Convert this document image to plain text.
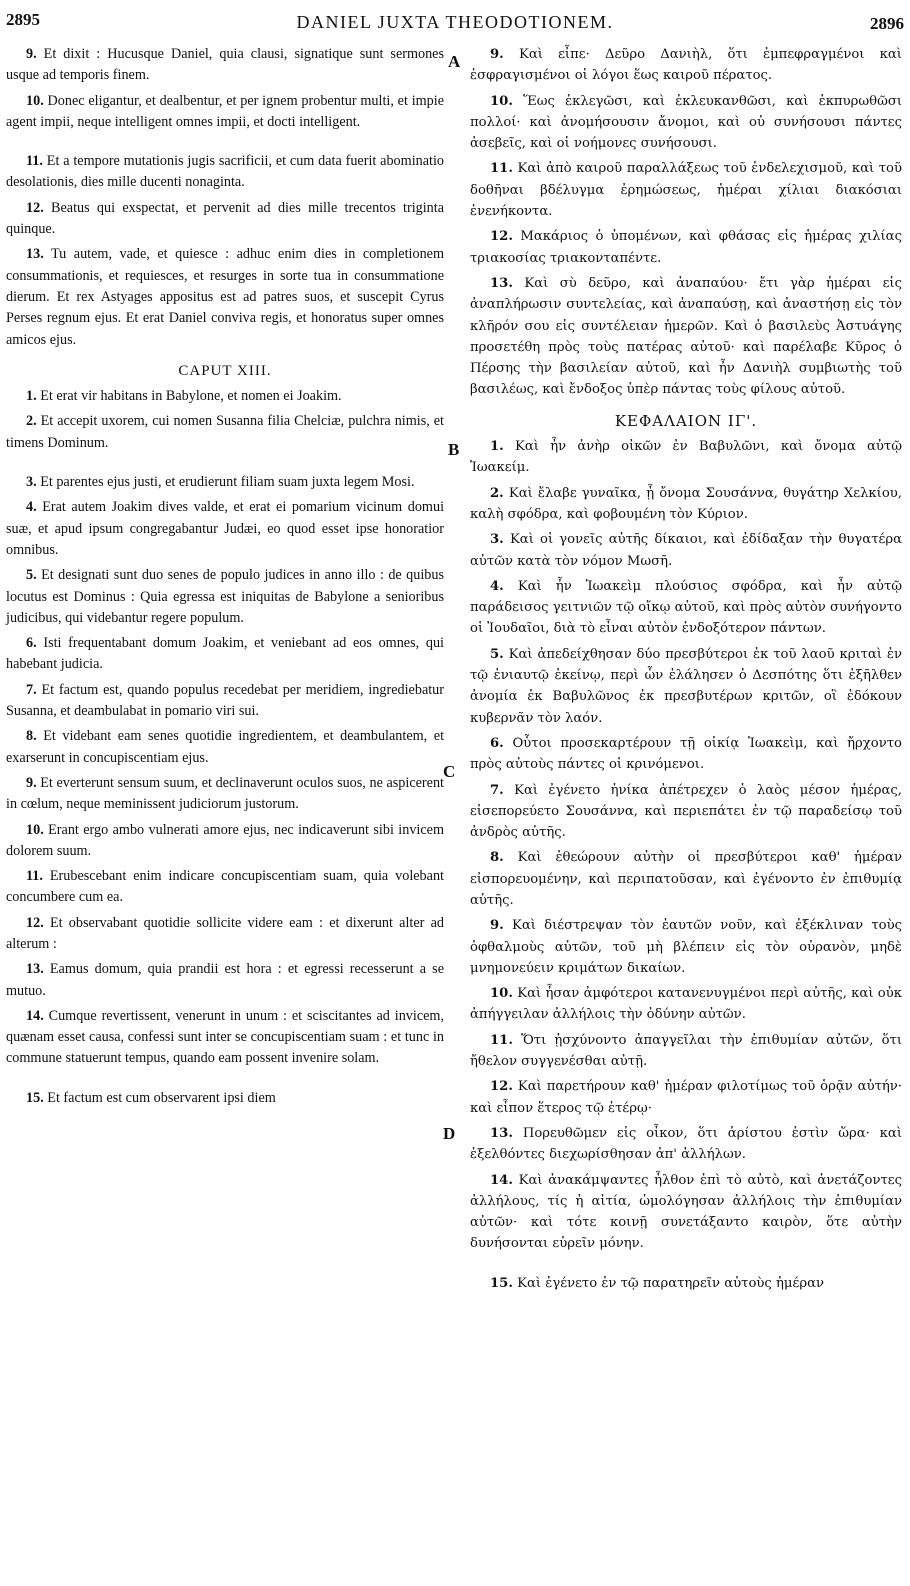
2895	DANIEL JUXTA THEODOTIONEM.	2896

9. Et dixit : Hucusque Daniel, quia clausi, signatique sunt sermones usque ad temporis finem.

10. Donec eligantur, et dealbentur, et per ignem probentur multi, et impie agent impii, neque intelligent omnes impii, et docti intelligent.

11. Et a tempore mutationis jugis sacrificii, et cum data fuerit abominatio desolationis, dies mille ducenti nonaginta.

12. Beatus qui exspectat, et pervenit ad dies mille trecentos triginta quinque.

13. Tu autem, vade, et quiesce : adhuc enim dies in completionem consummationis, et requiesces, et resurges in sorte tua in consummatione dierum. Et rex Astyages appositus est ad patres suos, et suscepit Cyrus Perses regnum ejus. Et erat Daniel conviva regis, et honoratus super omnes amicos ejus.

CAPUT XIII.

1. Et erat vir habitans in Babylone, et nomen ei Joakim.

2. Et accepit uxorem, cui nomen Susanna filia Chelciæ, pulchra nimis, et timens Dominum.

3. Et parentes ejus justi, et erudierunt filiam suam juxta legem Mosi.

4. Erat autem Joakim dives valde, et erat ei pomarium vicinum domui suæ, et apud ipsum congregabantur Judæi, eo quod esset ipse honoratior omnibus.

5. Et designati sunt duo senes de populo judices in anno illo : de quibus locutus est Dominus : Quia egressa est iniquitas de Babylone a senioribus judicibus, qui videbantur regere populum.

6. Isti frequentabant domum Joakim, et veniebant ad eos omnes, qui habebant judicia.

7. Et factum est, quando populus recedebat per meridiem, ingrediebatur Susanna, et deambulabat in pomario viri sui.

8. Et videbant eam senes quotidie ingredientem, et deambulantem, et exarserunt in concupiscentiam ejus.

9. Et everterunt sensum suum, et declinaverunt oculos suos, ne aspicerent in cœlum, neque meminissent judiciorum justorum.

10. Erant ergo ambo vulnerati amore ejus, nec indicaverunt sibi invicem dolorem suum.

11. Erubescebant enim indicare concupiscentiam suam, quia volebant concumbere cum ea.

12. Et observabant quotidie sollicite videre eam : et dixerunt alter ad alterum :

13. Eamus domum, quia prandii est hora : et egressi recesserunt a se mutuo.

14. Cumque revertissent, venerunt in unum : et sciscitantes ad invicem, quænam esset causa, confessi sunt inter se concupiscentiam suam : et tunc in commune statuerunt tempus, quando eam possent invenire solam.

15. Et factum est cum observarent ipsi diem

9. Καὶ εἶπε· Δεῦρο Δανιὴλ, ὅτι ἐμπεφραγμένοι καὶ ἐσφραγισμένοι οἱ λόγοι ἕως καιροῦ πέρατος.

10. Ἕως ἐκλεγῶσι, καὶ ἐκλευκανθῶσι, καὶ ἐκπυρωθῶσι πολλοί· καὶ ἀνομήσουσιν ἄνομοι, καὶ οὐ συνήσουσι πάντες ἀσεβεῖς, καὶ οἱ νοήμονες συνήσουσι.

11. Καὶ ἀπὸ καιροῦ παραλλάξεως τοῦ ἐνδελεχισμοῦ, καὶ τοῦ δοθῆναι βδέλυγμα ἐρημώσεως, ἡμέραι χίλιαι διακόσιαι ἐνενήκοντα.

12. Μακάριος ὁ ὑπομένων, καὶ φθάσας εἰς ἡμέρας χιλίας τριακοσίας τριακονταπέντε.

13. Καὶ σὺ δεῦρο, καὶ ἀναπαύου· ἔτι γὰρ ἡμέραι εἰς ἀναπλήρωσιν συντελείας, καὶ ἀναπαύσῃ, καὶ ἀναστήσῃ εἰς τὸν κλῆρόν σου εἰς συντέλειαν ἡμερῶν. Καὶ ὁ βασιλεὺς Ἀστυάγης προσετέθη πρὸς τοὺς πατέρας αὐτοῦ· καὶ παρέλαβε Κῦρος ὁ Πέρσης τὴν βασιλείαν αὐτοῦ, καὶ ἦν Δανιὴλ συμβιωτὴς τοῦ βασιλέως, καὶ ἔνδοξος ὑπὲρ πάντας τοὺς φίλους αὐτοῦ.

ΚΕΦΑΛΑΙΟΝ ΙΓ'.

1. Καὶ ἦν ἀνὴρ οἰκῶν ἐν Βαβυλῶνι, καὶ ὄνομα αὐτῷ Ἰωακείμ.

2. Καὶ ἔλαβε γυναῖκα, ᾗ ὄνομα Σουσάννα, θυγάτηρ Χελκίου, καλὴ σφόδρα, καὶ φοβουμένη τὸν Κύριον.

3. Καὶ οἱ γονεῖς αὐτῆς δίκαιοι, καὶ ἐδίδαξαν τὴν θυγατέρα αὐτῶν κατὰ τὸν νόμον Μωσῆ.

4. Καὶ ἦν Ἰωακεὶμ πλούσιος σφόδρα, καὶ ἦν αὐτῷ παράδεισος γειτνιῶν τῷ οἴκῳ αὐτοῦ, καὶ πρὸς αὐτὸν συνήγοντο οἱ Ἰουδαῖοι, διὰ τὸ εἶναι αὐτὸν ἐνδοξότερον πάντων.

5. Καὶ ἀπεδείχθησαν δύο πρεσβύτεροι ἐκ τοῦ λαοῦ κριταὶ ἐν τῷ ἐνιαυτῷ ἐκείνῳ, περὶ ὧν ἐλάλησεν ὁ Δεσπότης ὅτι ἐξῆλθεν ἀνομία ἐκ Βαβυλῶνος ἐκ πρεσβυτέρων κριτῶν, οἳ ἐδόκουν κυβερνᾶν τὸν λαόν.

6. Οὗτοι προσεκαρτέρουν τῇ οἰκίᾳ Ἰωακεὶμ, καὶ ἤρχοντο πρὸς αὐτοὺς πάντες οἱ κρινόμενοι.

7. Καὶ ἐγένετο ἡνίκα ἀπέτρεχεν ὁ λαὸς μέσον ἡμέρας, εἰσεπορεύετο Σουσάννα, καὶ περιεπάτει ἐν τῷ παραδείσῳ τοῦ ἀνδρὸς αὐτῆς.

8. Καὶ ἐθεώρουν αὐτὴν οἱ πρεσβύτεροι καθ' ἡμέραν εἰσπορευομένην, καὶ περιπατοῦσαν, καὶ ἐγένοντο ἐν ἐπιθυμίᾳ αὐτῆς.

9. Καὶ διέστρεψαν τὸν ἑαυτῶν νοῦν, καὶ ἐξέκλιναν τοὺς ὀφθαλμοὺς αὐτῶν, τοῦ μὴ βλέπειν εἰς τὸν οὐρανὸν, μηδὲ μνημονεύειν κριμάτων δικαίων.

10. Καὶ ἦσαν ἀμφότεροι κατανενυγμένοι περὶ αὐτῆς, καὶ οὐκ ἀπήγγειλαν ἀλλήλοις τὴν ὀδύνην αὐτῶν.

11. Ὅτι ᾐσχύνοντο ἀπαγγεῖλαι τὴν ἐπιθυμίαν αὐτῶν, ὅτι ἤθελον συγγενέσθαι αὐτῇ.

12. Καὶ παρετήρουν καθ' ἡμέραν φιλοτίμως τοῦ ὁρᾷν αὐτήν· καὶ εἶπον ἕτερος τῷ ἑτέρῳ·

13. Πορευθῶμεν εἰς οἶκον, ὅτι ἀρίστου ἐστὶν ὥρα· καὶ ἐξελθόντες διεχωρίσθησαν ἀπ' ἀλλήλων.

14. Καὶ ἀνακάμψαντες ἦλθον ἐπὶ τὸ αὐτὸ, καὶ ἀνετάζοντες ἀλλήλους, τίς ἡ αἰτία, ὡμολόγησαν ἀλλήλοις τὴν ἐπιθυμίαν αὐτῶν· καὶ τότε κοινῇ συνετάξαντο καιρὸν, ὅτε αὐτὴν δυνήσονται εὑρεῖν μόνην.

15. Καὶ ἐγένετο ἐν τῷ παρατηρεῖν αὐτοὺς ἡμέραν

A
B
C
D
